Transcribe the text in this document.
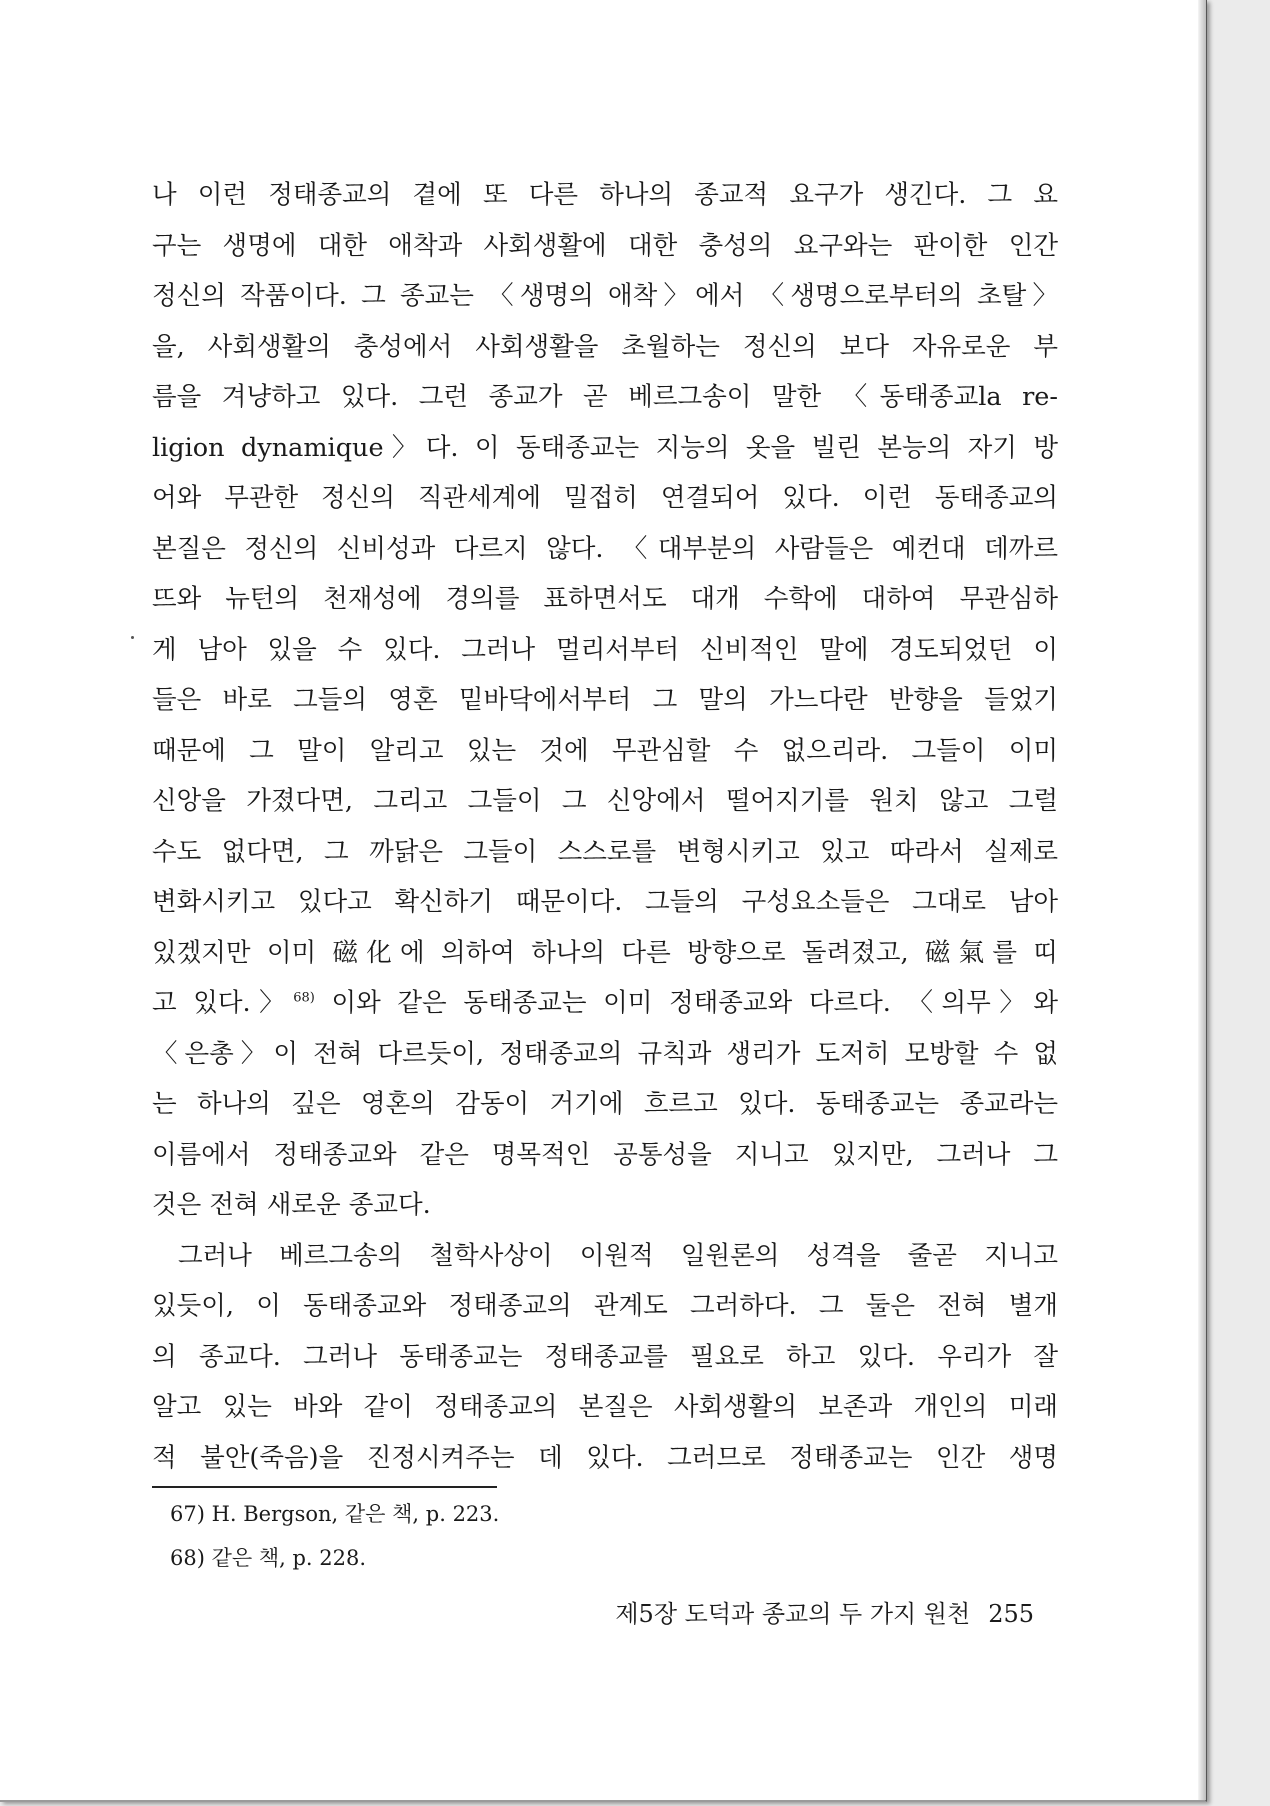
나 이런 정태종교의 곁에 또 다른 하나의 종교적 요구가 생긴다. 그 요
구는 생명에 대한 애착과 사회생활에 대한 충성의 요구와는 판이한 인간
정신의 작품이다. 그 종교는 〈생명의 애착〉에서 〈생명으로부터의 초탈〉
을, 사회생활의 충성에서 사회생활을 초월하는 정신의 보다 자유로운 부
름을 겨냥하고 있다. 그런 종교가 곧 베르그송이 말한 〈동태종교la re-
ligion dynamique〉다. 이 동태종교는 지능의 옷을 빌린 본능의 자기 방
어와 무관한 정신의 직관세계에 밀접히 연결되어 있다. 이런 동태종교의
본질은 정신의 신비성과 다르지 않다. 〈대부분의 사람들은 예컨대 데까르
뜨와 뉴턴의 천재성에 경의를 표하면서도 대개 수학에 대하여 무관심하
게 남아 있을 수 있다. 그러나 멀리서부터 신비적인 말에 경도되었던 이
들은 바로 그들의 영혼 밑바닥에서부터 그 말의 가느다란 반향을 들었기
때문에 그 말이 알리고 있는 것에 무관심할 수 없으리라. 그들이 이미
신앙을 가졌다면, 그리고 그들이 그 신앙에서 떨어지기를 원치 않고 그럴
수도 없다면, 그 까닭은 그들이 스스로를 변형시키고 있고 따라서 실제로
변화시키고 있다고 확신하기 때문이다. 그들의 구성요소들은 그대로 남아
있겠지만 이미 磁化에 의하여 하나의 다른 방향으로 돌려졌고, 磁氣를 띠
고 있다.〉$^{68)}$ 이와 같은 동태종교는 이미 정태종교와 다르다. 〈의무〉와
〈은총〉이 전혀 다르듯이, 정태종교의 규칙과 생리가 도저히 모방할 수 없
는 하나의 깊은 영혼의 감동이 거기에 흐르고 있다. 동태종교는 종교라는
이름에서 정태종교와 같은 명목적인 공통성을 지니고 있지만, 그러나 그
것은 전혀 새로운 종교다.
그러나 베르그송의 철학사상이 이원적 일원론의 성격을 줄곧 지니고
있듯이, 이 동태종교와 정태종교의 관계도 그러하다. 그 둘은 전혀 별개
의 종교다. 그러나 동태종교는 정태종교를 필요로 하고 있다. 우리가 잘
알고 있는 바와 같이 정태종교의 본질은 사회생활의 보존과 개인의 미래
적 불안(죽음)을 진정시켜주는 데 있다. 그러므로 정태종교는 인간 생명
67) H. Bergson, 같은 책, p. 223.
68) 같은 책, p. 228.
제5장 도덕과 종교의 두 가지 원천 255
